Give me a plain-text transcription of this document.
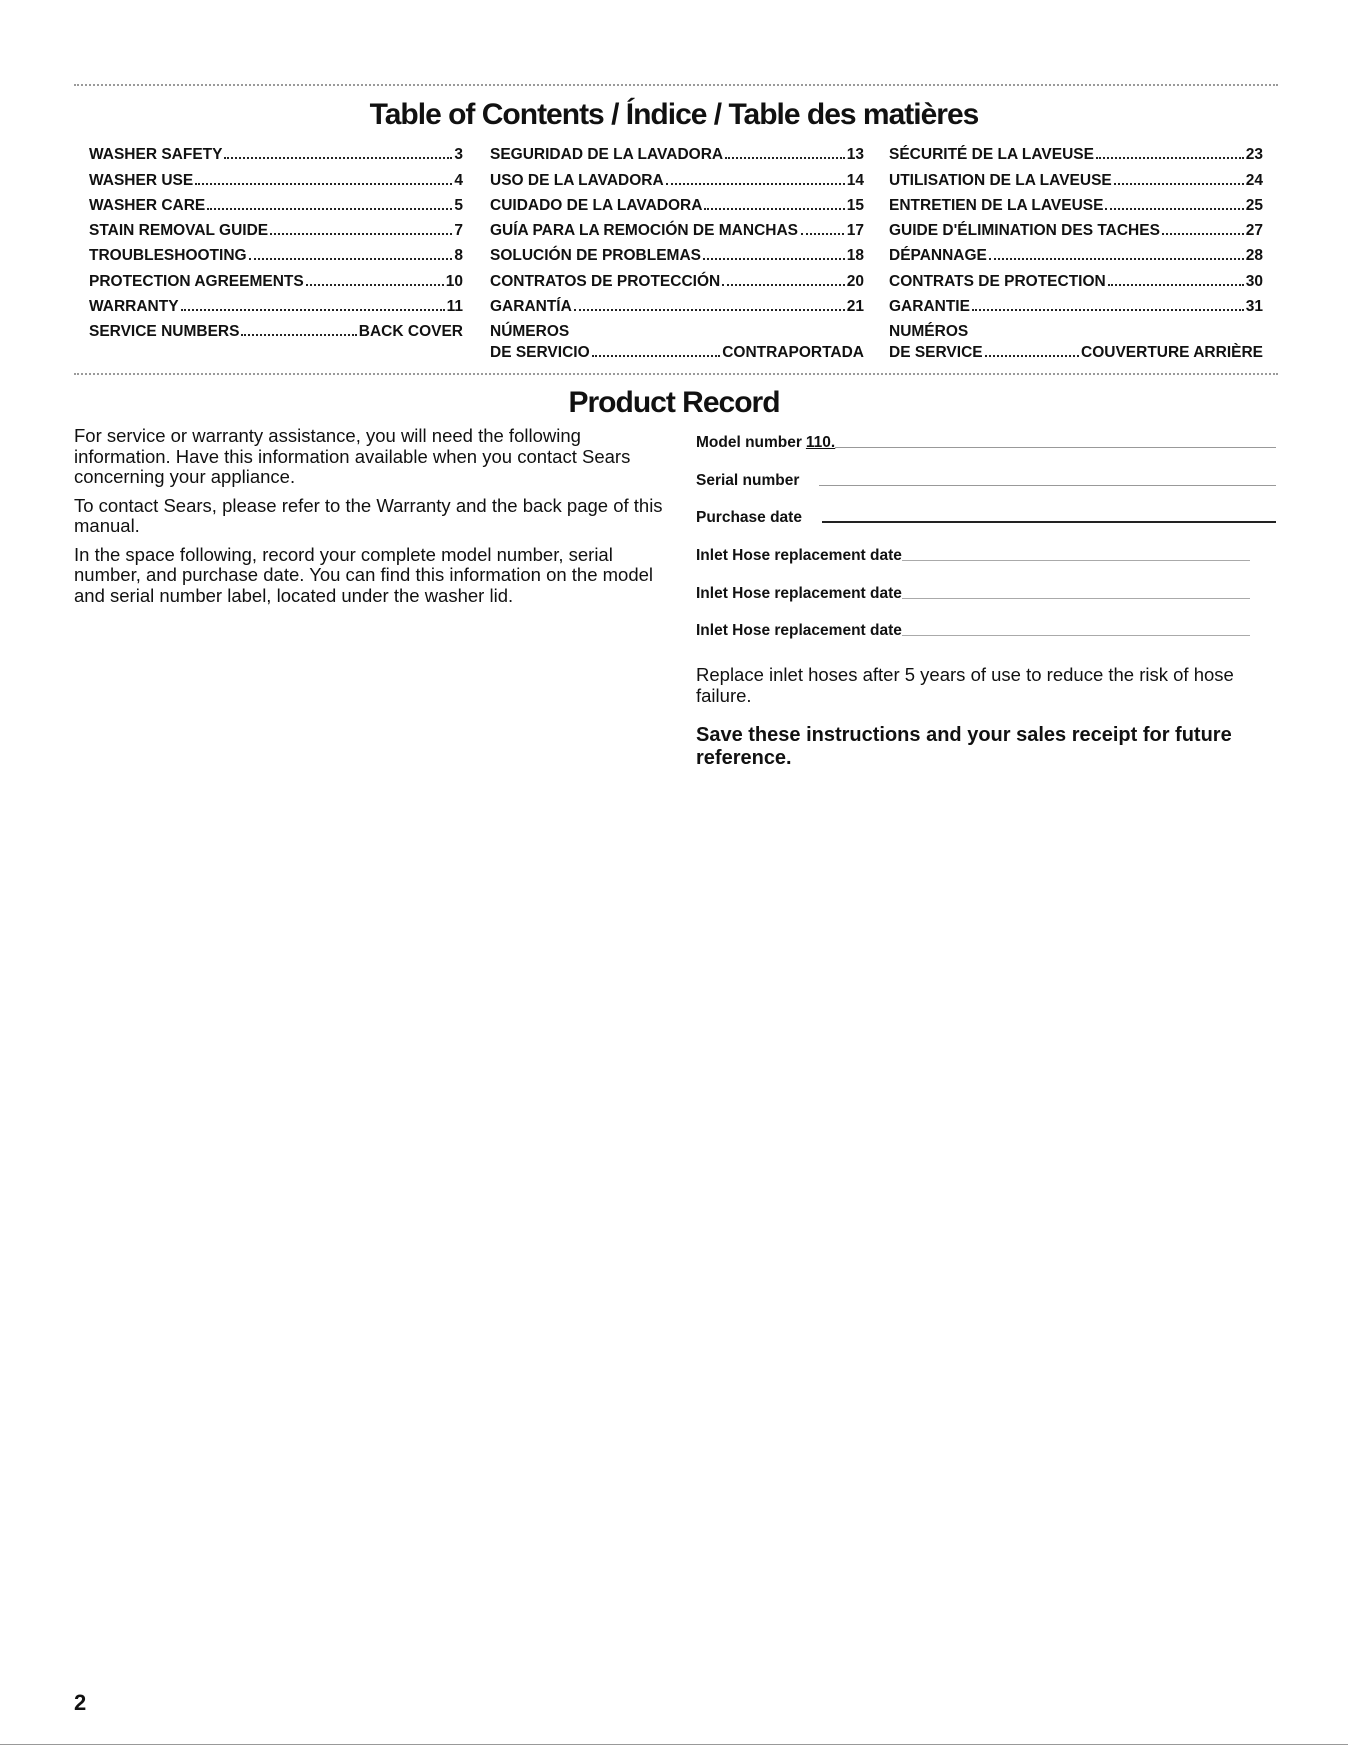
Table of Contents / Índice / Table des matières
WASHER SAFETY	3
WASHER USE	4
WASHER CARE	5
STAIN REMOVAL GUIDE	7
TROUBLESHOOTING	8
PROTECTION AGREEMENTS	10
WARRANTY	11
SERVICE NUMBERS	BACK COVER
SEGURIDAD DE LA LAVADORA	13
USO DE LA LAVADORA	14
CUIDADO DE LA LAVADORA	15
GUÍA PARA LA REMOCIÓN DE MANCHAS	17
SOLUCIÓN DE PROBLEMAS	18
CONTRATOS DE PROTECCIÓN	20
GARANTÍA	21
NÚMEROS
DE SERVICIO	CONTRAPORTADA
SÉCURITÉ DE LA LAVEUSE	23
UTILISATION DE LA LAVEUSE	24
ENTRETIEN DE LA LAVEUSE	25
GUIDE D'ÉLIMINATION DES TACHES	27
DÉPANNAGE	28
CONTRATS DE PROTECTION	30
GARANTIE	31
NUMÉROS
DE SERVICE	COUVERTURE ARRIÈRE
Product Record

For service or warranty assistance, you will need the following information. Have this information available when you contact Sears concerning your appliance.

To contact Sears, please refer to the Warranty and the back page of this manual.

In the space following, record your complete model number, serial number, and purchase date. You can find this information on the model and serial number label, located under the washer lid.

Model number 110.
Serial number
Purchase date
Inlet Hose replacement date
Inlet Hose replacement date
Inlet Hose replacement date
Replace inlet hoses after 5 years of use to reduce the risk of hose failure.
Save these instructions and your sales receipt for future reference.
2
